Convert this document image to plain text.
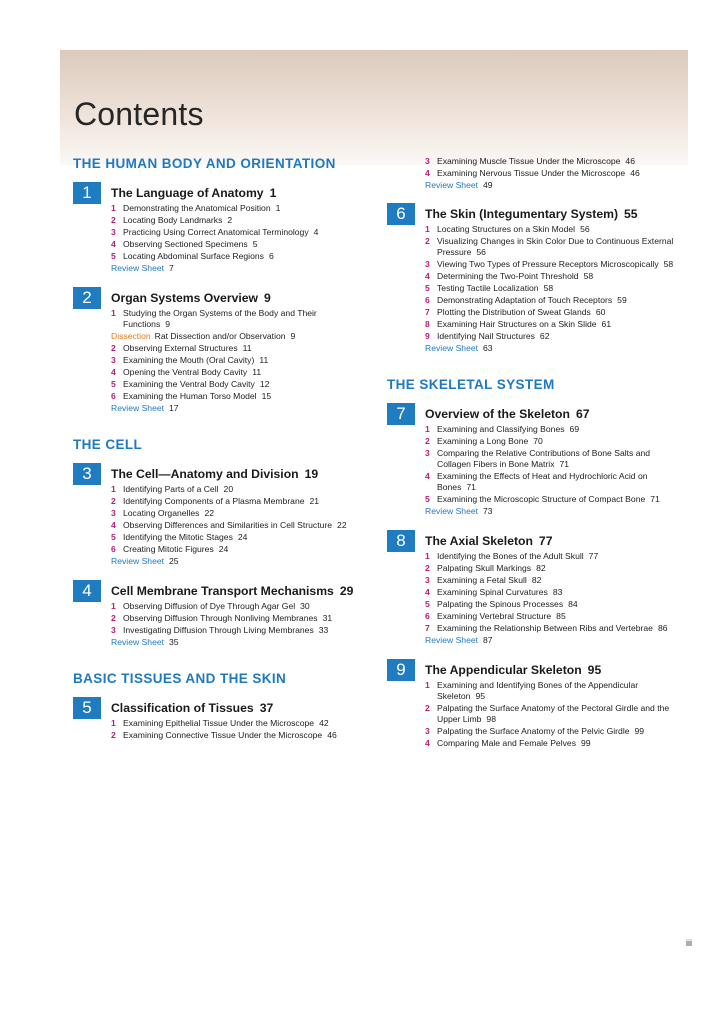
Contents
THE HUMAN BODY AND ORIENTATION
1	The Language of Anatomy 1
1 Demonstrating the Anatomical Position 1
2 Locating Body Landmarks 2
3 Practicing Using Correct Anatomical Terminology 4
4 Observing Sectioned Specimens 5
5 Locating Abdominal Surface Regions 6
Review Sheet 7
2	Organ Systems Overview 9
1 Studying the Organ Systems of the Body and Their Functions 9
Dissection Rat Dissection and/or Observation 9
2 Observing External Structures 11
3 Examining the Mouth (Oral Cavity) 11
4 Opening the Ventral Body Cavity 11
5 Examining the Ventral Body Cavity 12
6 Examining the Human Torso Model 15
Review Sheet 17
THE CELL
3	The Cell—Anatomy and Division 19
1 Identifying Parts of a Cell 20
2 Identifying Components of a Plasma Membrane 21
3 Locating Organelles 22
4 Observing Differences and Similarities in Cell Structure 22
5 Identifying the Mitotic Stages 24
6 Creating Mitotic Figures 24
Review Sheet 25
4	Cell Membrane Transport Mechanisms 29
1 Observing Diffusion of Dye Through Agar Gel 30
2 Observing Diffusion Through Nonliving Membranes 31
3 Investigating Diffusion Through Living Membranes 33
Review Sheet 35
BASIC TISSUES AND THE SKIN
5	Classification of Tissues 37
1 Examining Epithelial Tissue Under the Microscope 42
2 Examining Connective Tissue Under the Microscope 46
3 Examining Muscle Tissue Under the Microscope 46
4 Examining Nervous Tissue Under the Microscope 46
Review Sheet 49
6	The Skin (Integumentary System) 55
1 Locating Structures on a Skin Model 56
2 Visualizing Changes in Skin Color Due to Continuous External Pressure 56
3 Viewing Two Types of Pressure Receptors Microscopically 58
4 Determining the Two-Point Threshold 58
5 Testing Tactile Localization 58
6 Demonstrating Adaptation of Touch Receptors 59
7 Plotting the Distribution of Sweat Glands 60
8 Examining Hair Structures on a Skin Slide 61
9 Identifying Nail Structures 62
Review Sheet 63
THE SKELETAL SYSTEM
7	Overview of the Skeleton 67
1 Examining and Classifying Bones 69
2 Examining a Long Bone 70
3 Comparing the Relative Contributions of Bone Salts and Collagen Fibers in Bone Matrix 71
4 Examining the Effects of Heat and Hydrochloric Acid on Bones 71
5 Examining the Microscopic Structure of Compact Bone 71
Review Sheet 73
8	The Axial Skeleton 77
1 Identifying the Bones of the Adult Skull 77
2 Palpating Skull Markings 82
3 Examining a Fetal Skull 82
4 Examining Spinal Curvatures 83
5 Palpating the Spinous Processes 84
6 Examining Vertebral Structure 85
7 Examining the Relationship Between Ribs and Vertebrae 86
Review Sheet 87
9	The Appendicular Skeleton 95
1 Examining and Identifying Bones of the Appendicular Skeleton 95
2 Palpating the Surface Anatomy of the Pectoral Girdle and the Upper Limb 98
3 Palpating the Surface Anatomy of the Pelvic Girdle 99
4 Comparing Male and Female Pelves 99
iii
